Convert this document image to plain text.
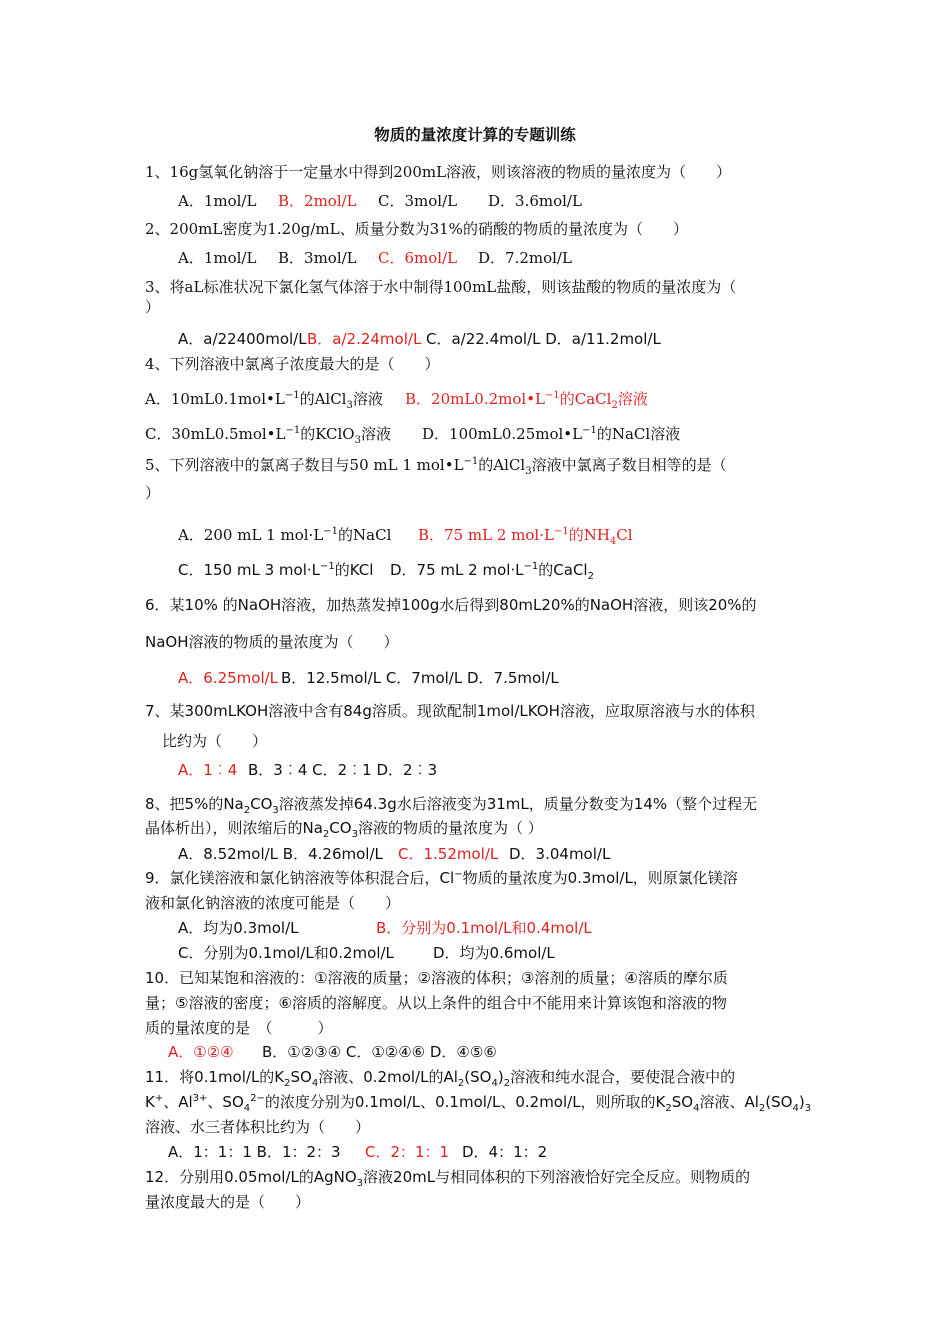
物质的量浓度计算的专题训练
1、16g氢氧化钠溶于一定量水中得到200mL溶液，则该溶液的物质的量浓度为（　　）
A．1mol/L B．2mol/L C．3mol/L D．3.6mol/L
2、200mL密度为1.20g/mL、质量分数为31%的硝酸的物质的量浓度为（　　）
A．1mol/L B．3mol/L C．6mol/L D．7.2mol/L
3、将aL标准状况下氯化氢气体溶于水中制得100mL盐酸，则该盐酸的物质的量浓度为（
）
A．a/22400mol/L B．a/2.24mol/L C．a/22.4mol/L D．a/11.2mol/L
4、下列溶液中氯离子浓度最大的是（　　）
A．$10mL0.1mol•L^{-1}$的AlCl$_3$溶液 B．$20mL0.2mol•L^{-1}$的CaCl$_2$溶液
C．$30mL0.5mol•L^{-1}$的KClO$_3$溶液 D．$100mL0.25mol•L^{-1}$的NaCl溶液
5、下列溶液中的氯离子数目与50 mL 1 $mol•L^{-1}$的AlCl$_3$溶液中氯离子数目相等的是（
）
A．200 mL 1 $mol\cdot L^{-1}$的NaCl B．75 mL 2 $mol\cdot L^{-1}$的$NH_4Cl$
C．150 mL 3 $mol\cdot L^{-1}$的KCl D．75 mL 2 $mol\cdot L^{-1}$的CaCl$_2$
6．某10% 的NaOH溶液，加热蒸发掉100g水后得到80mL20%的NaOH溶液，则该20%的
NaOH溶液的物质的量浓度为（　　）
A．6.25mol/L B．12.5mol/L C．7mol/L D．7.5mol/L
7、某300mLKOH溶液中含有84g溶质。现欲配制1mol/LKOH溶液，应取原溶液与水的体积
比约为（　　）
A．1︰4 B．3︰4 C．2︰1 D．2︰3
8、把5%的$Na_2CO_3$溶液蒸发掉64.3g水后溶液变为31mL，质量分数变为14%（整个过程无
晶体析出），则浓缩后的$Na_2CO_3$溶液的物质的量浓度为（ ）
A．8.52mol/L B．4.26mol/L C．1.52mol/L D．3.04mol/L
9．氯化镁溶液和氯化钠溶液等体积混合后，Cl−物质的量浓度为0.3mol/L，则原氯化镁溶
液和氯化钠溶液的浓度可能是（　　）
A．均为0.3mol/L	B．分别为0.1mol/L和0.4mol/L
C．分别为0.1mol/L和0.2mol/L	D．均为0.6mol/L
10．已知某饱和溶液的：①溶液的质量；②溶液的体积；③溶剂的质量；④溶质的摩尔质
量；⑤溶液的密度；⑥溶质的溶解度。从以上条件的组合中不能用来计算该饱和溶液的物
质的量浓度的是　（　　　）
A．①②④ B．①②③④ C．①②④⑥ D．④⑤⑥
11．将0.1mol/L的$K_2SO_4$溶液、0.2mol/L的$Al_2(SO_4)_2$溶液和纯水混合，要使混合液中的
K+、$Al^{3+}$、$SO_4^{2-}$的浓度分别为0.1mol/L、0.1mol/L、0.2mol/L，则所取的$K_2SO_4$溶液、$Al_2(SO_4)_3$
溶液、水三者体积比约为（　　）
A．1：1：1 B．1：2：3 C．2：1：1 D．4：1：2
12．分别用0.05mol/L的AgNO$_3$溶液20mL与相同体积的下列溶液恰好完全反应。则物质的
量浓度最大的是（　　）
